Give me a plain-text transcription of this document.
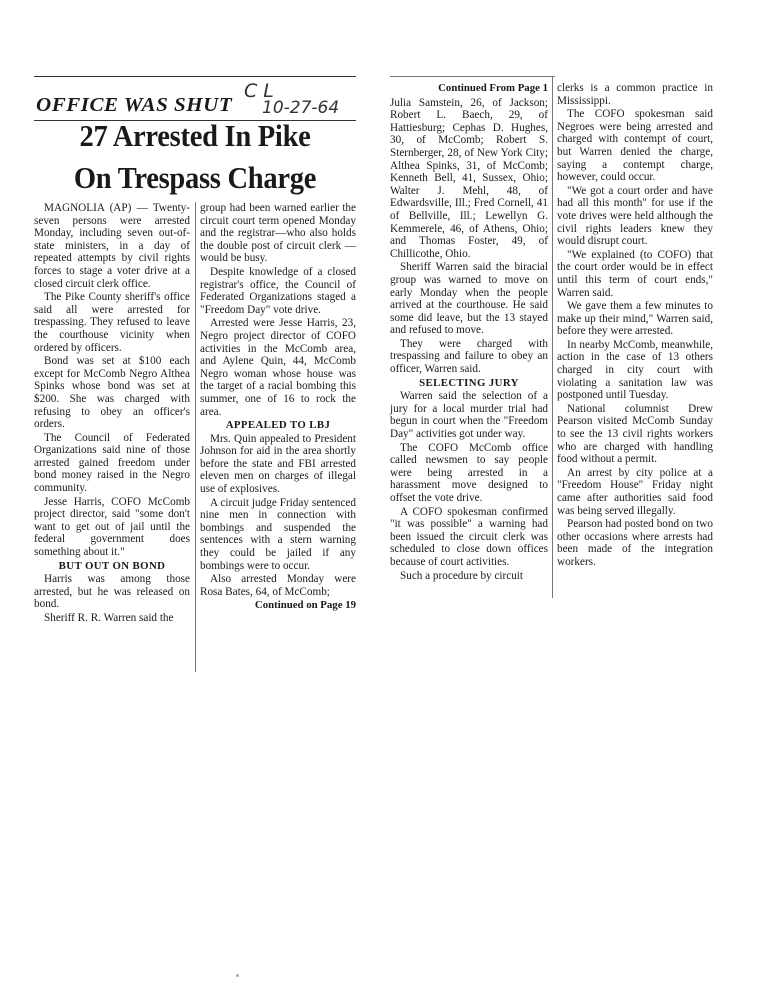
OFFICE WAS SHUT
C L
10-27-64
27 Arrested In Pike
On Trespass Charge

MAGNOLIA (AP) — Twenty-seven persons were arrested Monday, including seven out-of-state ministers, in a day of repeated attempts by civil rights forces to stage a voter drive at a closed circuit clerk office.

The Pike County sheriff's office said all were arrested for trespassing. They refused to leave the courthouse vicinity when ordered by officers.

Bond was set at $100 each except for McComb Negro Althea Spinks whose bond was set at $200. She was charged with refusing to obey an officer's orders.

The Council of Federated Organizations said nine of those arrested gained freedom under bond money raised in the Negro community.

Jesse Harris, COFO McComb project director, said "some don't want to get out of jail until the federal government does something about it."

BUT OUT ON BOND

Harris was among those arrested, but he was released on bond.

Sheriff R. R. Warren said the

group had been warned earlier the circuit court term opened Monday and the registrar—who also holds the double post of circuit clerk — would be busy.

Despite knowledge of a closed registrar's office, the Council of Federated Organizations staged a "Freedom Day" vote drive.

Arrested were Jesse Harris, 23, Negro project director of COFO activities in the McComb area, and Aylene Quin, 44, McComb Negro woman whose house was the target of a racial bombing this summer, one of 16 to rock the area.

APPEALED TO LBJ

Mrs. Quin appealed to President Johnson for aid in the area shortly before the state and FBI arrested eleven men on charges of illegal use of explosives.

A circuit judge Friday sentenced nine men in connection with bombings and suspended the sentences with a stern warning they could be jailed if any bombings were to occur.

Also arrested Monday were Rosa Bates, 64, of McComb;

Continued on Page 19

Continued From Page 1

Julia Samstein, 26, of Jackson; Robert L. Baech, 29, of Hattiesburg; Cephas D. Hughes, 30, of McComb; Robert S. Sternberger, 28, of New York City; Althea Spinks, 31, of McComb; Kenneth Bell, 41, Sussex, Ohio; Walter J. Mehl, 48, of Edwardsville, Ill.; Fred Cornell, 41 of Bellville, Ill.; Lewellyn G. Kemmerele, 46, of Athens, Ohio; and Thomas Foster, 49, of Chillicothe, Ohio.

Sheriff Warren said the biracial group was warned to move on early Monday when the people arrived at the courthouse. He said some did leave, but the 13 stayed and refused to move.

They were charged with trespassing and failure to obey an officer, Warren said.

SELECTING JURY

Warren said the selection of a jury for a local murder trial had begun in court when the "Freedom Day" activities got under way.

The COFO McComb office called newsmen to say people were being arrested in a harassment move designed to offset the vote drive.

A COFO spokesman confirmed "it was possible" a warning had been issued the circuit clerk was scheduled to close down offices because of court activities.

Such a procedure by circuit

clerks is a common practice in Mississippi.

The COFO spokesman said Negroes were being arrested and charged with contempt of court, but Warren denied the charge, saying a contempt charge, however, could occur.

"We got a court order and have had all this month" for use if the vote drives were held although the civil rights leaders knew they would disrupt court.

"We explained (to COFO) that the court order would be in effect until this term of court ends," Warren said.

We gave them a few minutes to make up their mind," Warren said, before they were arrested.

In nearby McComb, meanwhile, action in the case of 13 others charged in city court with violating a sanitation law was postponed until Tuesday.

National columnist Drew Pearson visited McComb Sunday to see the 13 civil rights workers who are charged with handling food without a permit.

An arrest by city police at a "Freedom House" Friday night came after authorities said food was being served illegally.

Pearson had posted bond on two other occasions where arrests had been made of the integration workers.
